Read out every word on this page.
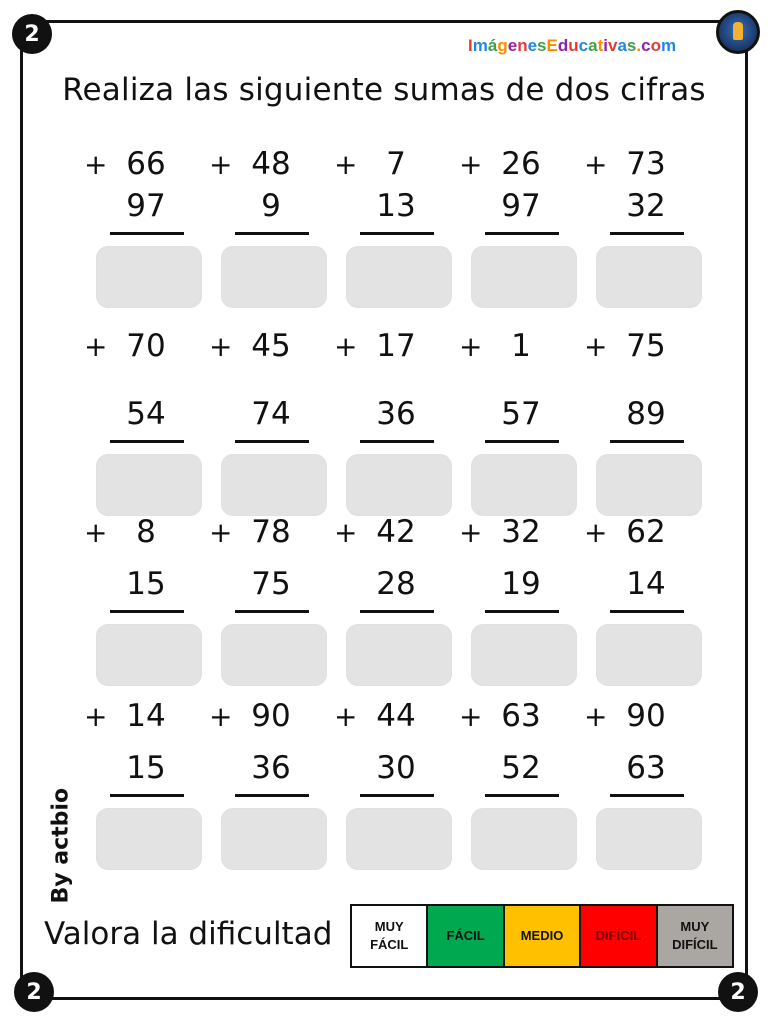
2
2	2
ImágenesEducativas.com
Realiza las siguiente sumas de dos cifras
+ 66
97
+ 48
9
+ 7
13
+ 26
97
+ 73
32
+ 70
54
+ 45
74
+ 17
36
+ 1
57
+ 75
89
+ 8
15
+ 78
75
+ 42
28
+ 32
19
+ 62
14
+ 14
15
+ 90
36
+ 44
30
+ 63
52
+ 90
63
By actbio
Valora la dificultad	MUY FÁCIL
FÁCIL	MEDIO DIFÍCIL
MUY DIFÍCIL
